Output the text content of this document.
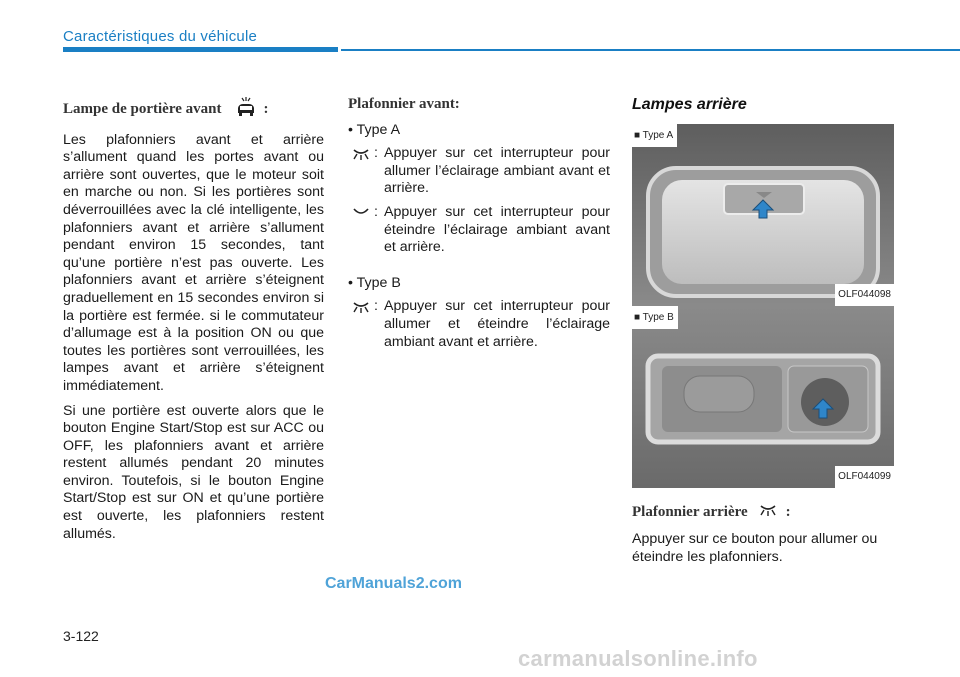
Caractéristiques du véhicule
Lampe de portière avant	:

Les plafonniers avant et arrière s’allument quand les portes avant ou arrière sont ouvertes, que le moteur soit en marche ou non. Si les portières sont déverrouillées avec la clé intelligente, les plafonniers avant et arrière s’allument pendant environ 15 secondes, tant qu’une portière n’est pas ouverte. Les plafonniers avant et arrière s’éteignent graduellement en 15 secondes environ si la portière est fermée. si le commutateur d’allumage est à la position ON ou que toutes les portières sont verrouillées, les lampes avant et arrière s’éteignent immédiatement.

Si une portière est ouverte alors que le bouton Engine Start/Stop est sur ACC ou OFF, les plafonniers avant et arrière restent allumés pendant 20 minutes environ. Toutefois, si le bouton Engine Start/Stop est sur ON et qu’une portière est ouverte, les plafonniers restent allumés.

Plafonnier avant:
• Type A
: Appuyer sur cet interrupteur pour allumer l’éclairage ambiant avant et arrière.
: Appuyer sur cet interrupteur pour éteindre l’éclairage ambiant avant et arrière.
• Type B
: Appuyer sur cet interrupteur pour allumer et éteindre l’éclairage ambiant avant et arrière.
Lampes arrière
■ Type A
OLF044098
■ Type B
OLF044099
Plafonnier arrière	:

Appuyer sur ce bouton pour allumer ou éteindre les plafonniers.

CarManuals2.com
3-122
carmanualsonline.info
